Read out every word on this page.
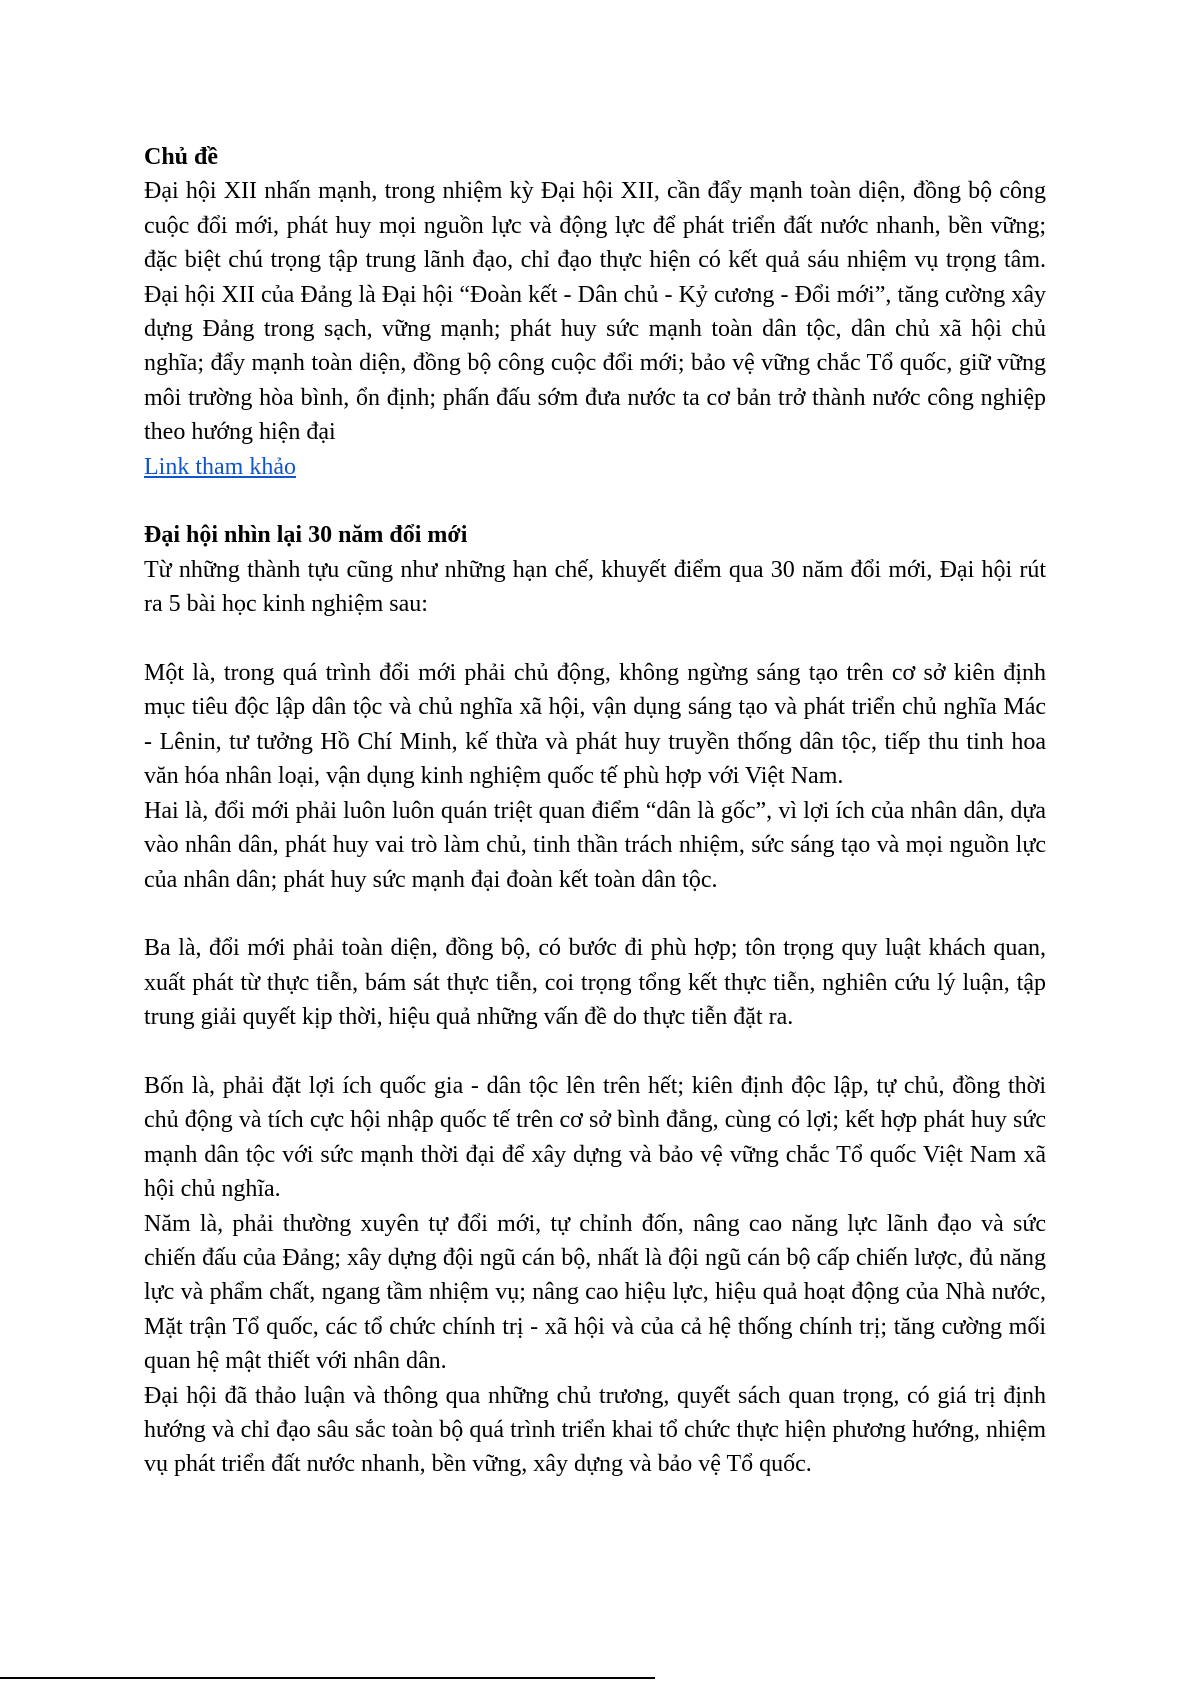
Chủ đề

Đại hội XII nhấn mạnh, trong nhiệm kỳ Đại hội XII, cần đẩy mạnh toàn diện, đồng bộ công cuộc đổi mới, phát huy mọi nguồn lực và động lực để phát triển đất nước nhanh, bền vững; đặc biệt chú trọng tập trung lãnh đạo, chỉ đạo thực hiện có kết quả sáu nhiệm vụ trọng tâm. Đại hội XII của Đảng là Đại hội “Đoàn kết - Dân chủ - Kỷ cương - Đổi mới”, tăng cường xây dựng Đảng trong sạch, vững mạnh; phát huy sức mạnh toàn dân tộc, dân chủ xã hội chủ nghĩa; đẩy mạnh toàn diện, đồng bộ công cuộc đổi mới; bảo vệ vững chắc Tổ quốc, giữ vững môi trường hòa bình, ổn định; phấn đấu sớm đưa nước ta cơ bản trở thành nước công nghiệp theo hướng hiện đại

Link tham khảo

Đại hội nhìn lại 30 năm đổi mới

Từ những thành tựu cũng như những hạn chế, khuyết điểm qua 30 năm đổi mới, Đại hội rút ra 5 bài học kinh nghiệm sau:

Một là, trong quá trình đổi mới phải chủ động, không ngừng sáng tạo trên cơ sở kiên định mục tiêu độc lập dân tộc và chủ nghĩa xã hội, vận dụng sáng tạo và phát triển chủ nghĩa Mác - Lênin, tư tưởng Hồ Chí Minh, kế thừa và phát huy truyền thống dân tộc, tiếp thu tinh hoa văn hóa nhân loại, vận dụng kinh nghiệm quốc tế phù hợp với Việt Nam.

Hai là, đổi mới phải luôn luôn quán triệt quan điểm “dân là gốc”, vì lợi ích của nhân dân, dựa vào nhân dân, phát huy vai trò làm chủ, tinh thần trách nhiệm, sức sáng tạo và mọi nguồn lực của nhân dân; phát huy sức mạnh đại đoàn kết toàn dân tộc.

Ba là, đổi mới phải toàn diện, đồng bộ, có bước đi phù hợp; tôn trọng quy luật khách quan, xuất phát từ thực tiễn, bám sát thực tiễn, coi trọng tổng kết thực tiễn, nghiên cứu lý luận, tập trung giải quyết kịp thời, hiệu quả những vấn đề do thực tiễn đặt ra.

Bốn là, phải đặt lợi ích quốc gia - dân tộc lên trên hết; kiên định độc lập, tự chủ, đồng thời chủ động và tích cực hội nhập quốc tế trên cơ sở bình đẳng, cùng có lợi; kết hợp phát huy sức mạnh dân tộc với sức mạnh thời đại để xây dựng và bảo vệ vững chắc Tổ quốc Việt Nam xã hội chủ nghĩa.

Năm là, phải thường xuyên tự đổi mới, tự chỉnh đốn, nâng cao năng lực lãnh đạo và sức chiến đấu của Đảng; xây dựng đội ngũ cán bộ, nhất là đội ngũ cán bộ cấp chiến lược, đủ năng lực và phẩm chất, ngang tầm nhiệm vụ; nâng cao hiệu lực, hiệu quả hoạt động của Nhà nước, Mặt trận Tổ quốc, các tổ chức chính trị - xã hội và của cả hệ thống chính trị; tăng cường mối quan hệ mật thiết với nhân dân.

Đại hội đã thảo luận và thông qua những chủ trương, quyết sách quan trọng, có giá trị định hướng và chỉ đạo sâu sắc toàn bộ quá trình triển khai tổ chức thực hiện phương hướng, nhiệm vụ phát triển đất nước nhanh, bền vững, xây dựng và bảo vệ Tổ quốc.
